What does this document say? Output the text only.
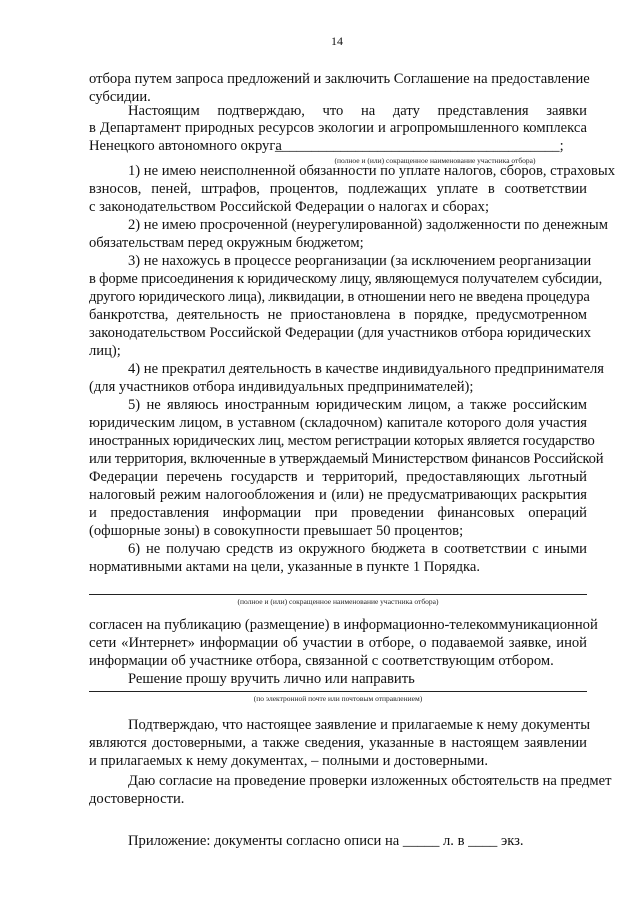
14

отбора путем запроса предложений и заключить Соглашение на предоставление

субсидии.

Настоящим подтверждаю, что на дату представления заявки

в Департамент природных ресурсов экологии и агропромышленного комплекса

Ненецкого автономного округа

_______________________________________;

(полное и (или) сокращенное наименование участника отбора)

1) не имею неисполненной обязанности по уплате налогов, сборов, страховых

взносов, пеней, штрафов, процентов, подлежащих уплате в соответствии

с законодательством Российской Федерации о налогах и сборах;

2) не имею просроченной (неурегулированной) задолженности по денежным

обязательствам перед окружным бюджетом;

3) не нахожусь в процессе реорганизации (за исключением реорганизации

в форме присоединения к юридическому лицу, являющемуся получателем субсидии,

другого юридического лица), ликвидации, в отношении него не введена процедура

банкротства, деятельность не приостановлена в порядке, предусмотренном

законодательством Российской Федерации (для участников отбора юридических

лиц);

4) не прекратил деятельность в качестве индивидуального предпринимателя

(для участников отбора индивидуальных предпринимателей);

5) не являюсь иностранным юридическим лицом, а также российским

юридическим лицом, в уставном (складочном) капитале которого доля участия

иностранных юридических лиц, местом регистрации которых является государство

или территория, включенные в утверждаемый Министерством финансов Российской

Федерации перечень государств и территорий, предоставляющих льготный

налоговый режим налогообложения и (или) не предусматривающих раскрытия

и предоставления информации при проведении финансовых операций

(офшорные зоны) в совокупности превышает 50 процентов;

6) не получаю средств из окружного бюджета в соответствии с иными

нормативными актами на цели, указанные в пункте 1 Порядка.

(полное и (или) сокращенное наименование участника отбора)

согласен на публикацию (размещение) в информационно-телекоммуникационной

сети «Интернет» информации об участии в отборе, о подаваемой заявке, иной

информации об участнике отбора, связанной с соответствующим отбором.

Решение прошу вручить лично или направить

(по электронной почте или почтовым отправлением)

Подтверждаю, что настоящее заявление и прилагаемые к нему документы

являются достоверными, а также сведения, указанные в настоящем заявлении

и прилагаемых к нему документах, – полными и достоверными.

Даю согласие на проведение проверки изложенных обстоятельств на предмет

достоверности.

Приложение: документы согласно описи на _____ л. в ____ экз.
